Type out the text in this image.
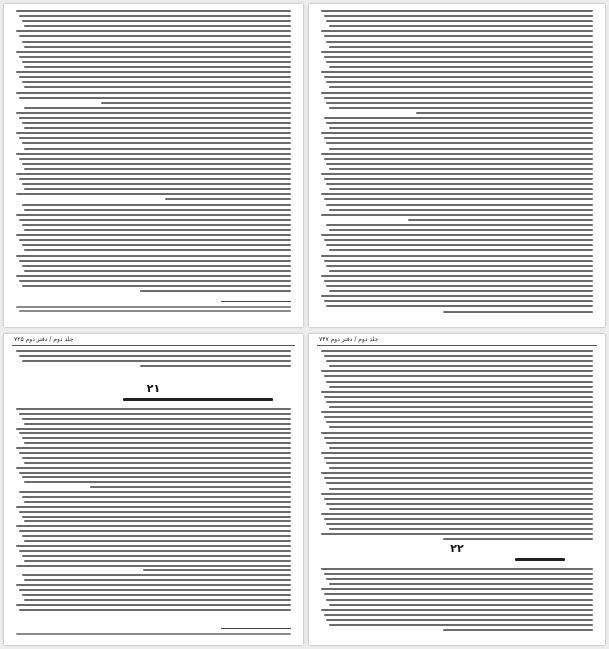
جلد دوم / دفتر دوم ۷۲۵
۲۱
جلد دوم / دفتر دوم ۷۴۷
۲۲
